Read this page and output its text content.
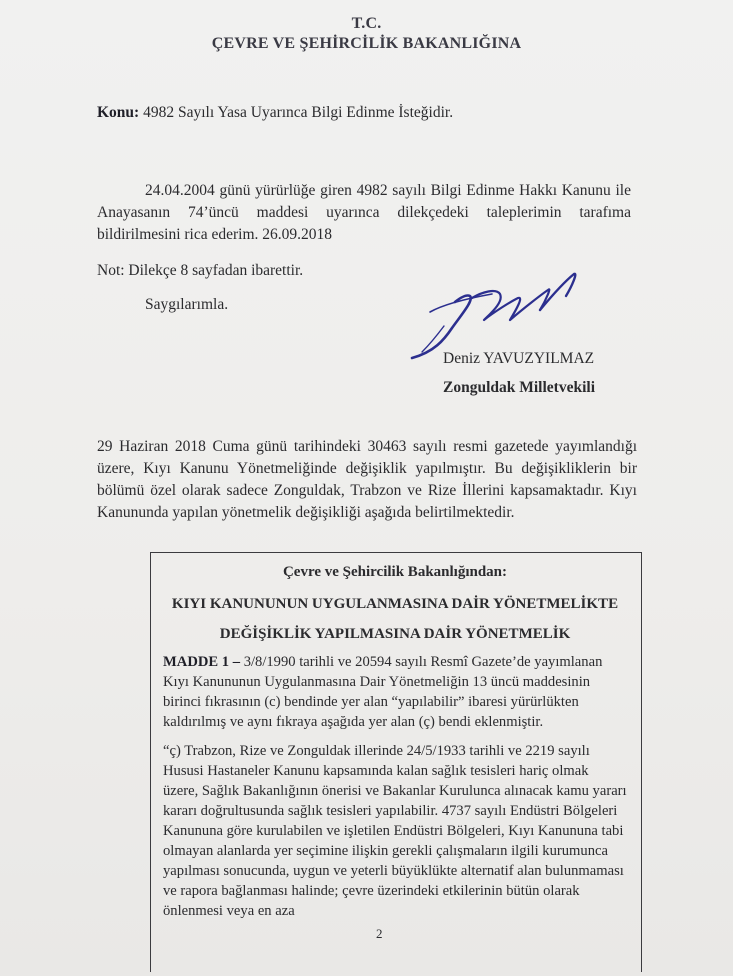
T.C.
ÇEVRE VE ŞEHİRCİLİK BAKANLIĞINA
Konu: 4982 Sayılı Yasa Uyarınca Bilgi Edinme İsteğidir.
24.04.2004 günü yürürlüğe giren 4982 sayılı Bilgi Edinme Hakkı Kanunu ile Anayasanın 74’üncü maddesi uyarınca dilekçedeki taleplerimin tarafıma bildirilmesini rica ederim. 26.09.2018
Not: Dilekçe 8 sayfadan ibarettir.
Saygılarımla.
Deniz YAVUZYILMAZ
Zonguldak Milletvekili
29 Haziran 2018 Cuma günü tarihindeki 30463 sayılı resmi gazetede yayımlandığı üzere, Kıyı Kanunu Yönetmeliğinde değişiklik yapılmıştır. Bu değişikliklerin bir bölümü özel olarak sadece Zonguldak, Trabzon ve Rize İllerini kapsamaktadır. Kıyı Kanununda yapılan yönetmelik değişikliği aşağıda belirtilmektedir.
Çevre ve Şehircilik Bakanlığından:
KIYI KANUNUNUN UYGULANMASINA DAİR YÖNETMELİKTE
DEĞİŞİKLİK YAPILMASINA DAİR YÖNETMELİK
MADDE 1 – 3/8/1990 tarihli ve 20594 sayılı Resmî Gazete’de yayımlanan Kıyı Kanununun Uygulanmasına Dair Yönetmeliğin 13 üncü maddesinin birinci fıkrasının (c) bendinde yer alan “yapılabilir” ibaresi yürürlükten kaldırılmış ve aynı fıkraya aşağıda yer alan (ç) bendi eklenmiştir.
“ç) Trabzon, Rize ve Zonguldak illerinde 24/5/1933 tarihli ve 2219 sayılı Hususi Hastaneler Kanunu kapsamında kalan sağlık tesisleri hariç olmak üzere, Sağlık Bakanlığının önerisi ve Bakanlar Kurulunca alınacak kamu yararı kararı doğrultusunda sağlık tesisleri yapılabilir. 4737 sayılı Endüstri Bölgeleri Kanununa göre kurulabilen ve işletilen Endüstri Bölgeleri, Kıyı Kanununa tabi olmayan alanlarda yer seçimine ilişkin gerekli çalışmaların ilgili kurumunca yapılması sonucunda, uygun ve yeterli büyüklükte alternatif alan bulunmaması ve rapora bağlanması halinde; çevre üzerindeki etkilerinin bütün olarak önlenmesi veya en aza
2
